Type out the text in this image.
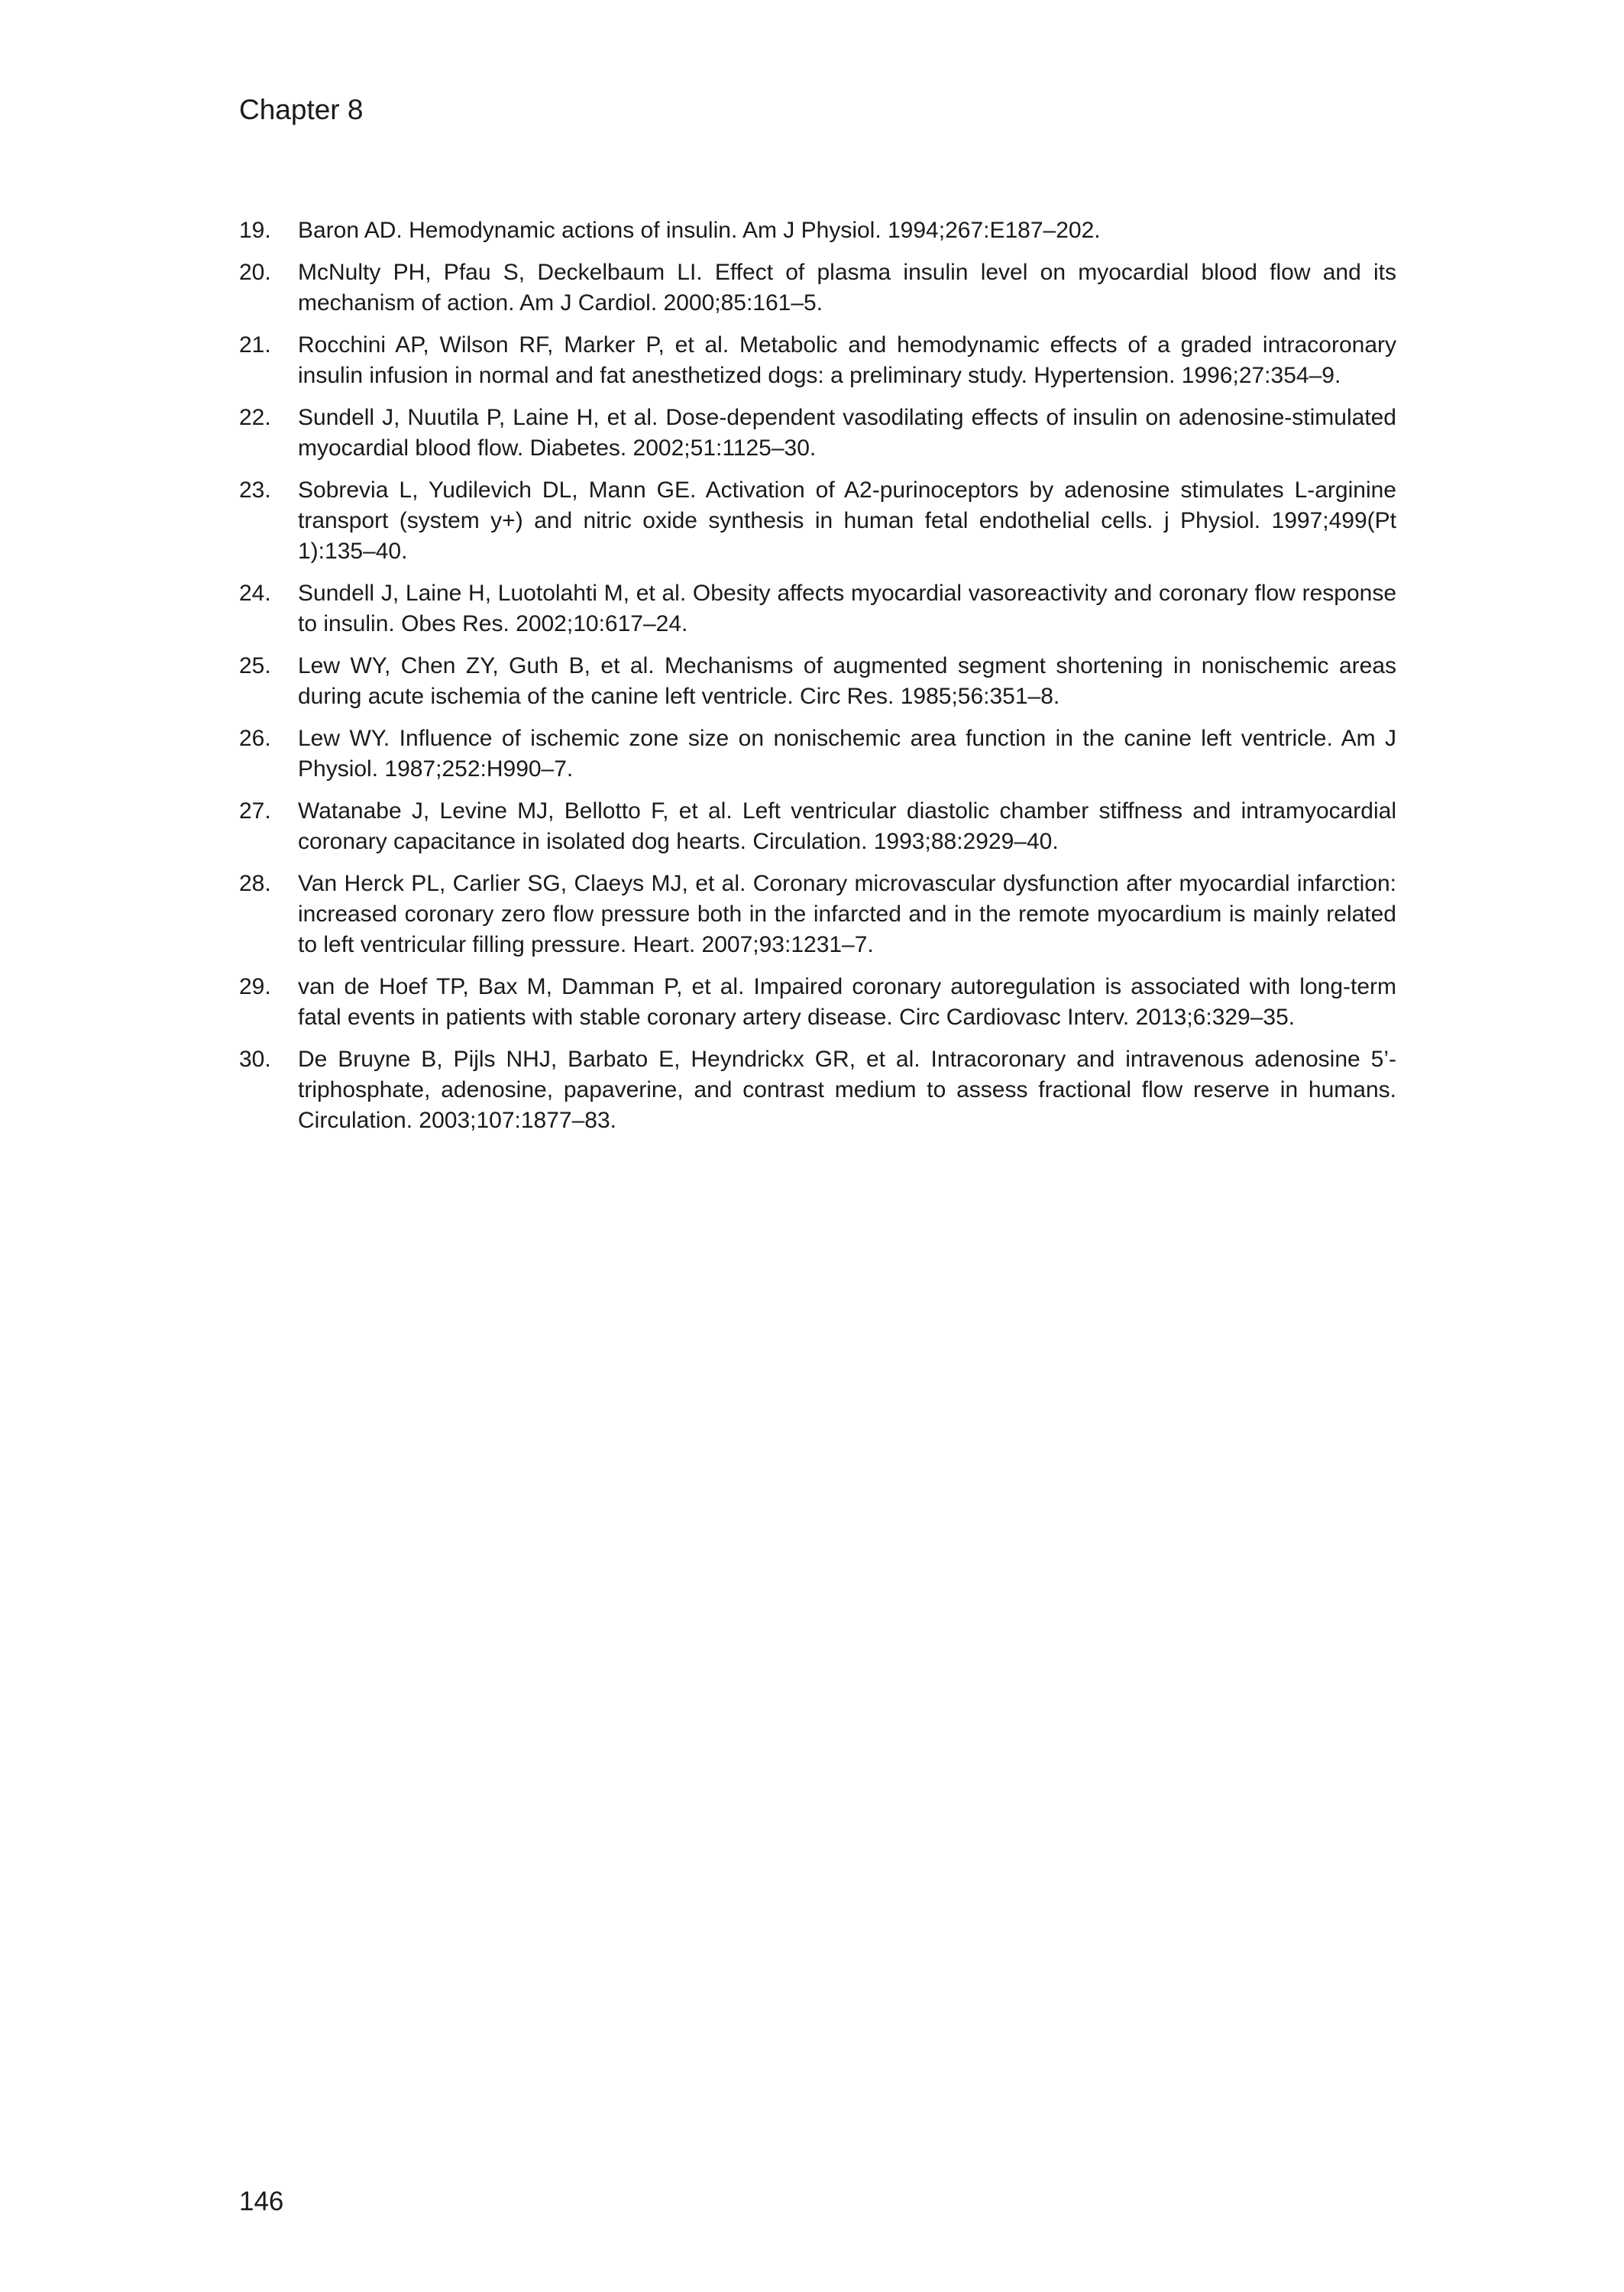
Chapter 8
19.	Baron AD. Hemodynamic actions of insulin. Am J Physiol. 1994;267:E187–202.
20.	McNulty PH, Pfau S, Deckelbaum LI. Effect of plasma insulin level on myocardial blood flow and its mechanism of action. Am J Cardiol. 2000;85:161–5.
21.	Rocchini AP, Wilson RF, Marker P, et al. Metabolic and hemodynamic effects of a graded intracoronary insulin infusion in normal and fat anesthetized dogs: a preliminary study. Hypertension. 1996;27:354–9.
22.	Sundell J, Nuutila P, Laine H, et al. Dose-dependent vasodilating effects of insulin on adenosine-stimulated myocardial blood flow. Diabetes. 2002;51:1125–30.
23.	Sobrevia L, Yudilevich DL, Mann GE. Activation of A2-purinoceptors by adenosine stimulates L-arginine transport (system y+) and nitric oxide synthesis in human fetal endothelial cells. j Physiol. 1997;499(Pt 1):135–40.
24.	Sundell J, Laine H, Luotolahti M, et al. Obesity affects myocardial vasoreactivity and coronary flow response to insulin. Obes Res. 2002;10:617–24.
25.	Lew WY, Chen ZY, Guth B, et al. Mechanisms of augmented segment shortening in nonischemic areas during acute ischemia of the canine left ventricle. Circ Res. 1985;56:351–8.
26.	Lew WY. Influence of ischemic zone size on nonischemic area function in the canine left ventricle. Am J Physiol. 1987;252:H990–7.
27.	Watanabe J, Levine MJ, Bellotto F, et al. Left ventricular diastolic chamber stiffness and intramyocardial coronary capacitance in isolated dog hearts. Circulation. 1993;88:2929–40.
28.	Van Herck PL, Carlier SG, Claeys MJ, et al. Coronary microvascular dysfunction after myocardial infarction: increased coronary zero flow pressure both in the infarcted and in the remote myocardium is mainly related to left ventricular filling pressure. Heart. 2007;93:1231–7.
29.	van de Hoef TP, Bax M, Damman P, et al. Impaired coronary autoregulation is associated with long-term fatal events in patients with stable coronary artery disease. Circ Cardiovasc Interv. 2013;6:329–35.
30.	De Bruyne B, Pijls NHJ, Barbato E, Heyndrickx GR, et al. Intracoronary and intravenous adenosine 5’-triphosphate, adenosine, papaverine, and contrast medium to assess fractional flow reserve in humans. Circulation. 2003;107:1877–83.
146
